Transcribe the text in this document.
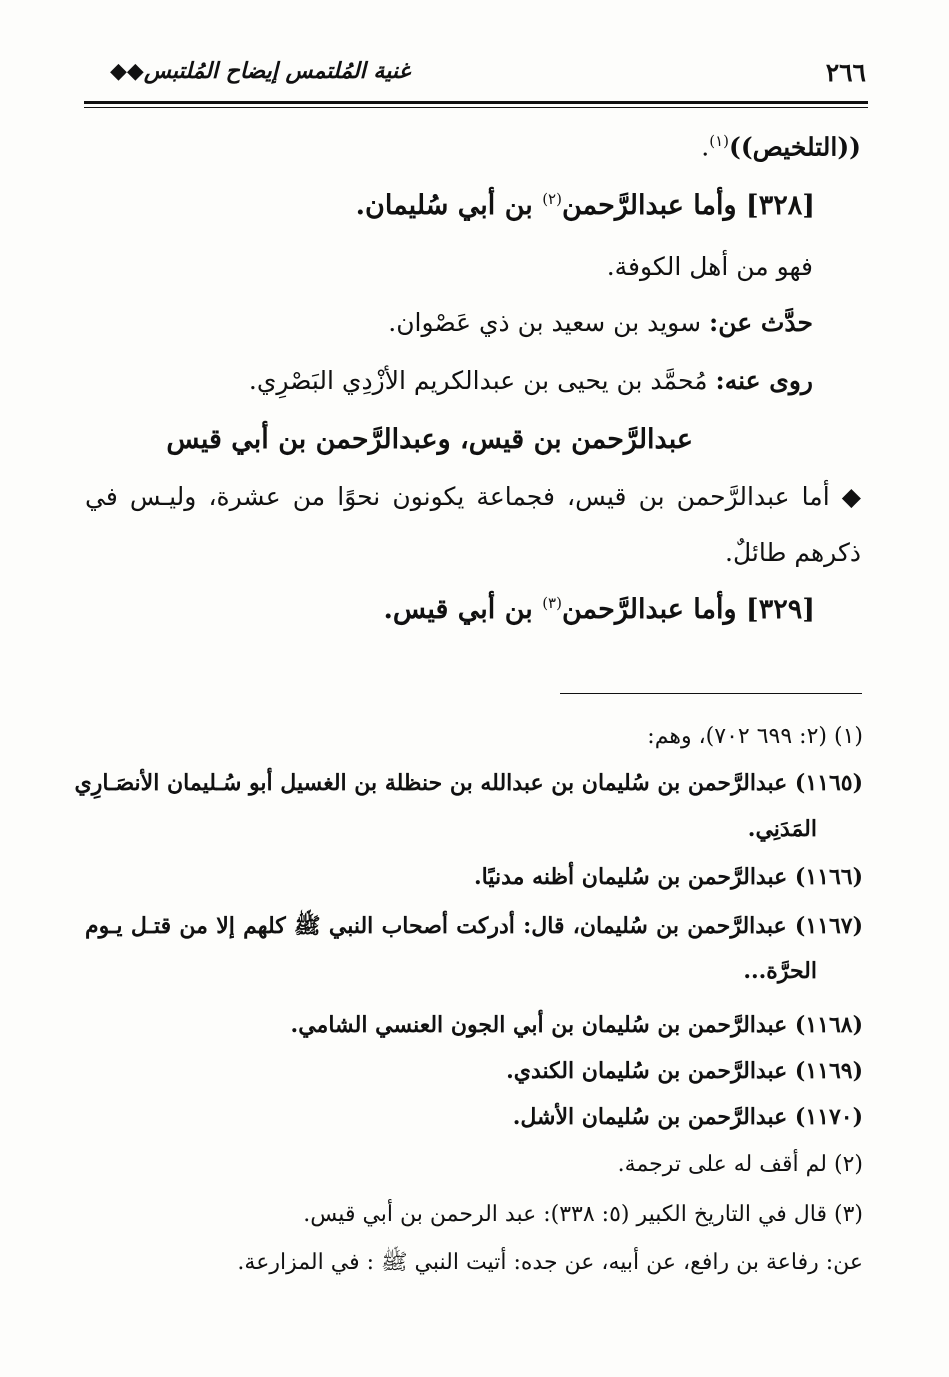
٢٦٦
غنية المُلتمس إيضاح المُلتبس◆◆
((التلخيص))$^{(١)}$.
[٣٢٨] وأما عبدالرَّحمن$^{(٢)}$ بن أبي سُليمان.
فهو من أهل الكوفة.
حدَّث عن: سويد بن سعيد بن ذي عَصْوان.
روى عنه: مُحمَّد بن يحيى بن عبدالكريم الأزْدِي البَصْرِي.
عبدالرَّحمن بن قيس، وعبدالرَّحمن بن أبي قيس
◆ أما عبدالرَّحمن بن قيس، فجماعة يكونون نحوًا من عشرة، وليـس في
ذكرهم طائلٌ.
[٣٢٩] وأما عبدالرَّحمن$^{(٣)}$ بن أبي قيس.
(١) (٢: ٦٩٩ ٧٠٢)، وهم:
(١١٦٥) عبدالرَّحمن بن سُليمان بن عبدالله بن حنظلة بن الغسيل أبو سُـليمان الأنصَـارِي
المَدَنِي.
(١١٦٦) عبدالرَّحمن بن سُليمان أظنه مدنيًا.
(١١٦٧) عبدالرَّحمن بن سُليمان، قال: أدركت أصحاب النبي ﷺ كلهم إلا من قتـل يـوم
الحرَّة...
(١١٦٨) عبدالرَّحمن بن سُليمان بن أبي الجون العنسي الشامي.
(١١٦٩) عبدالرَّحمن بن سُليمان الكندي.
(١١٧٠) عبدالرَّحمن بن سُليمان الأشل.
(٢) لم أقف له على ترجمة.
(٣) قال في التاريخ الكبير (٥: ٣٣٨): عبد الرحمن بن أبي قيس.
عن: رفاعة بن رافع، عن أبيه، عن جده: أتيت النبي ﷺ : في المزارعة.
